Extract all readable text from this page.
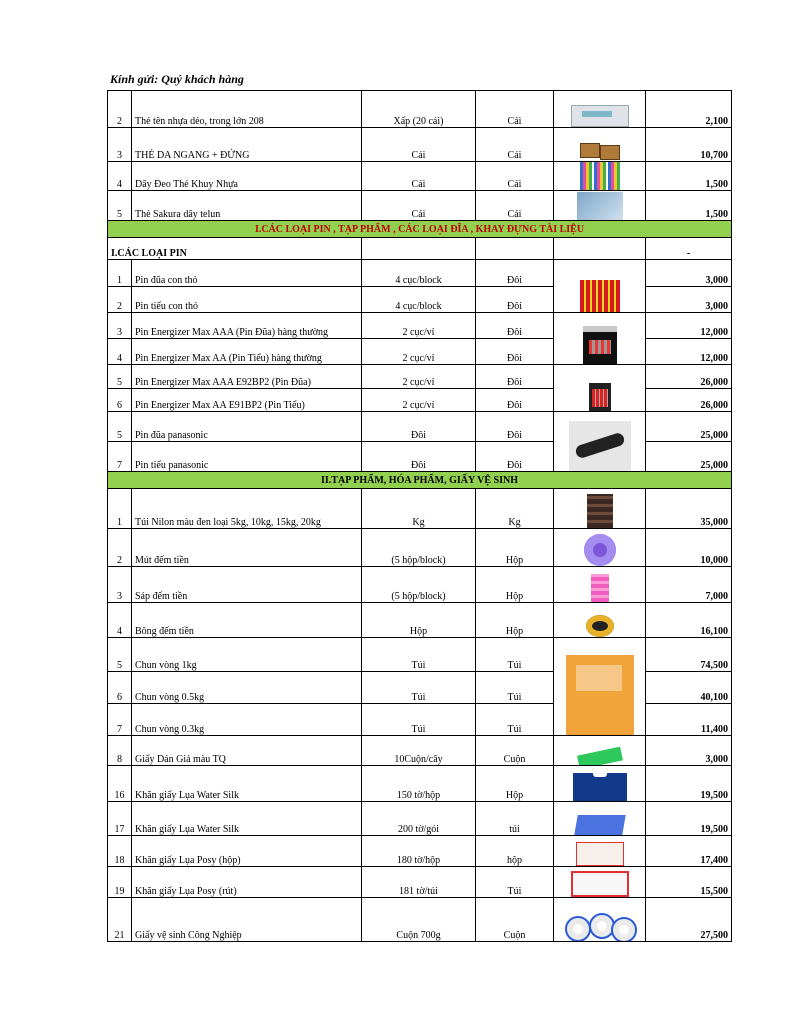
Kính gửi: Quý khách hàng
2	Thẻ tên nhựa dẻo, trong lớn 208	Xấp (20 cái)	Cái		2,100
3	THẺ DA NGANG + ĐỨNG	Cái	Cái		10,700
4	Dây Đeo Thẻ Khuy Nhựa	Cái	Cái		1,500
5	Thẻ Sakura dây telun	Cái	Cái		1,500
I.CÁC LOẠI PIN , TẠP PHẨM , CÁC LOẠI ĐĨA , KHAY ĐỰNG TÀI LIỆU					
I.CÁC LOẠI PIN					-
1	Pin đũa con thỏ	4 cục/block	Đôi		3,000
2	Pin tiểu con thỏ	4 cục/block	Đôi		3,000
3	Pin Energizer Max AAA (Pin Đũa) hàng thường	2 cục/vỉ	Đôi		12,000
4	Pin Energizer Max AA (Pin Tiểu) hàng thường	2 cục/vỉ	Đôi		12,000
5	Pin Energizer Max AAA E92BP2 (Pin Đũa)	2 cục/vỉ	Đôi		26,000
6	Pin Energizer Max AA E91BP2 (Pin Tiểu)	2 cục/vỉ	Đôi		26,000
5	Pin đũa panasonic	Đôi	Đôi		25,000
7	Pin tiểu panasonic	Đôi	Đôi		25,000
II.TẠP PHẨM, HÓA PHẨM, GIẤY VỆ SINH					
1	Túi Nilon màu đen loại 5kg, 10kg, 15kg, 20kg	Kg	Kg		35,000
2	Mút đếm tiền	(5 hộp/block)	Hộp		10,000
3	Sáp đếm tiền	(5 hộp/block)	Hộp		7,000
4	Bông đếm tiền	Hộp	Hộp		16,100
5	Chun vòng 1kg	Túi	Túi		74,500
6	Chun vòng 0.5kg	Túi	Túi		40,100
7	Chun vòng 0.3kg	Túi	Túi		11,400
8	Giấy Dán Giá màu TQ	10Cuộn/cây	Cuộn		3,000
16	Khăn giấy Lụa Water Silk	150 tờ/hộp	Hộp		19,500
17	Khăn giấy Lụa Water Silk	200 tờ/gói	túi		19,500
18	Khăn giấy Lụa Posy (hộp)	180 tờ/hộp	hộp		17,400
19	Khăn giấy Lụa Posy (rút)	181 tờ/túi	Túi		15,500
21	Giấy vệ sinh Công Nghiệp	Cuộn 700g	Cuộn		27,500
